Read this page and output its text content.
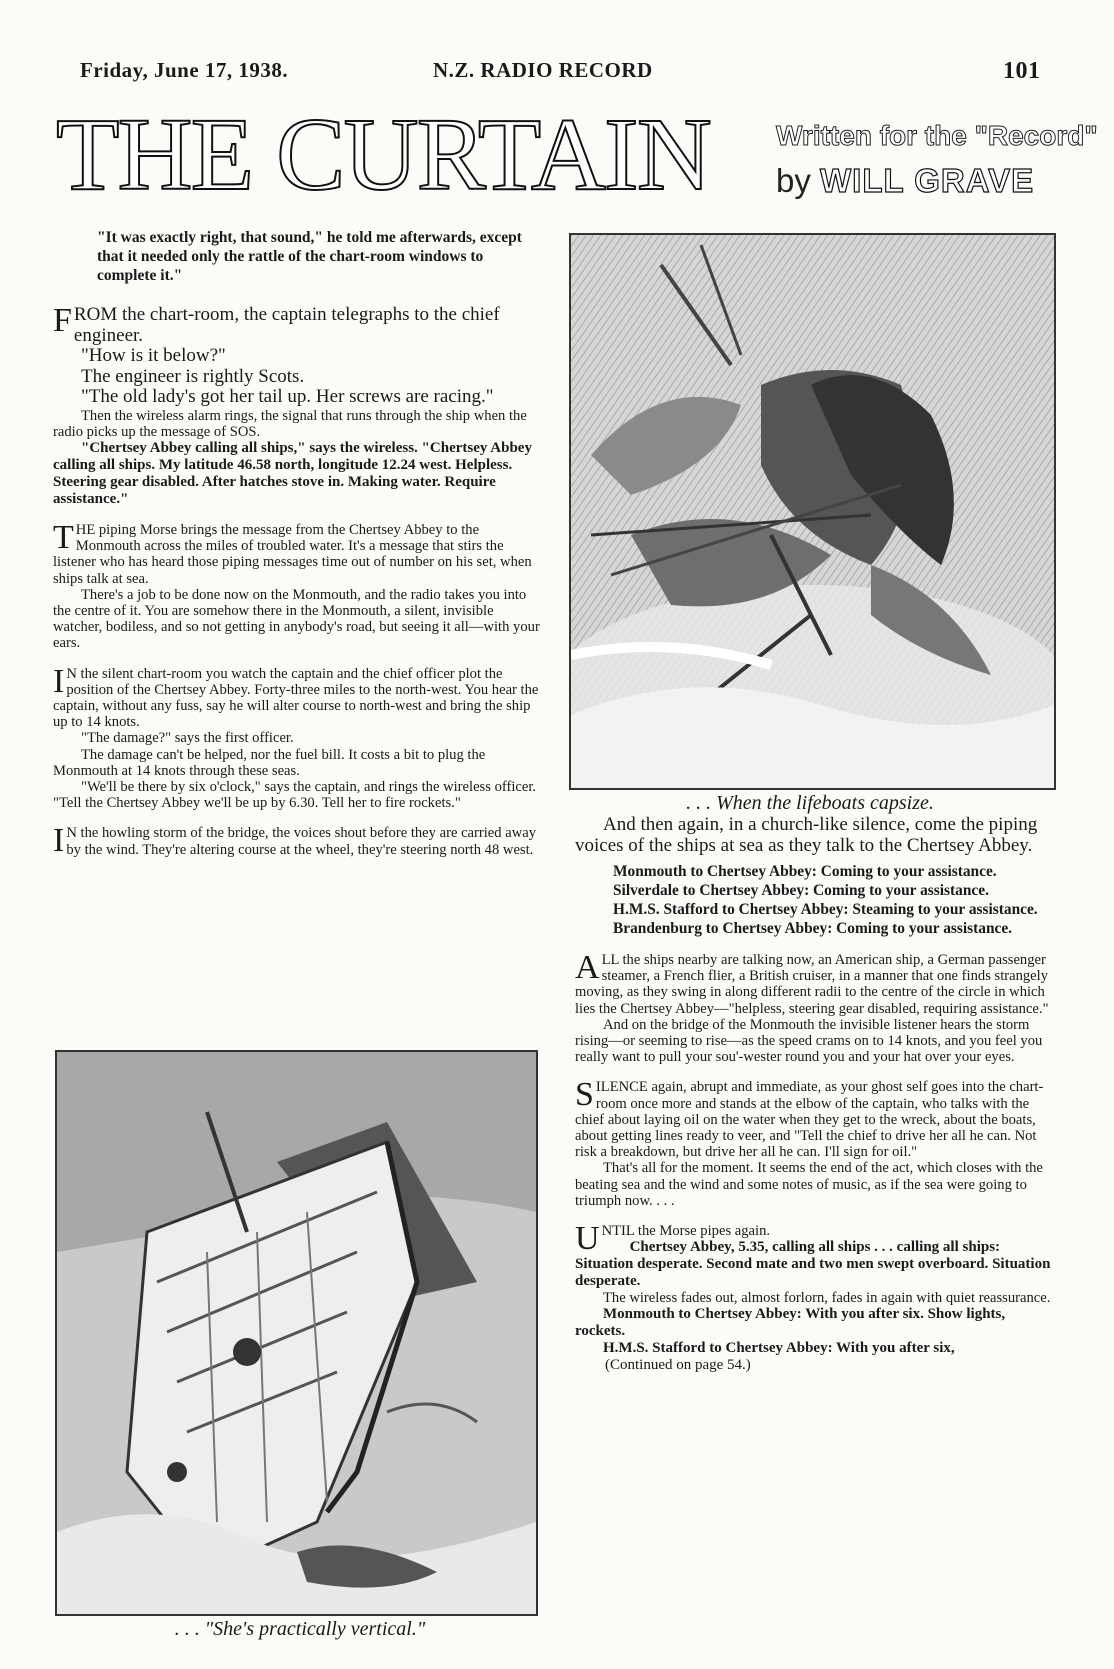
Friday, June 17, 1938.	N.Z. RADIO RECORD	101
THE CURTAIN	Written for the "Record"
by WILL GRAVE

"It was exactly right, that sound," he told me afterwards, except that it needed only the rattle of the chart-room windows to complete it."

FROM the chart-room, the captain telegraphs to the chief engineer.

"How is it below?"

The engineer is rightly Scots.

"The old lady's got her tail up. Her screws are racing."

Then the wireless alarm rings, the signal that runs through the ship when the radio picks up the message of SOS.

"Chertsey Abbey calling all ships," says the wireless. "Chertsey Abbey calling all ships. My latitude 46.58 north, longitude 12.24 west. Helpless. Steering gear disabled. After hatches stove in. Making water. Require assistance."

THE piping Morse brings the message from the Chertsey Abbey to the Monmouth across the miles of troubled water. It's a message that stirs the listener who has heard those piping messages time out of number on his set, when ships talk at sea.

There's a job to be done now on the Monmouth, and the radio takes you into the centre of it. You are somehow there in the Monmouth, a silent, invisible watcher, bodiless, and so not getting in anybody's road, but seeing it all—with your ears.

I N the silent chart-room you watch the captain and the chief officer plot the position of the Chertsey Abbey. Forty-three miles to the north-west. You hear the captain, without any fuss, say he will alter course to north-west and bring the ship up to 14 knots.

"The damage?" says the first officer.

The damage can't be helped, nor the fuel bill. It costs a bit to plug the Monmouth at 14 knots through these seas.

"We'll be there by six o'clock," says the captain, and rings the wireless officer. "Tell the Chertsey Abbey we'll be up by 6.30. Tell her to fire rockets."

I N the howling storm of the bridge, the voices shout before they are carried away by the wind. They're altering course at the wheel, they're steering north 48 west.

. . . When the lifeboats capsize.
. . . "She's practically vertical."

And then again, in a church-like silence, come the piping voices of the ships at sea as they talk to the Chertsey Abbey.

Monmouth to Chertsey Abbey: Coming to your assistance.

Silverdale to Chertsey Abbey: Coming to your assistance.

H.M.S. Stafford to Chertsey Abbey: Steaming to your assistance.

Brandenburg to Chertsey Abbey: Coming to your assistance.

ALL the ships nearby are talking now, an American ship, a German passenger steamer, a French flier, a British cruiser, in a manner that one finds strangely moving, as they swing in along different radii to the centre of the circle in which lies the Chertsey Abbey—"helpless, steering gear disabled, requiring assistance."

And on the bridge of the Monmouth the invisible listener hears the storm rising—or seeming to rise—as the speed crams on to 14 knots, and you feel you really want to pull your sou'-wester round you and your hat over your eyes.

SILENCE again, abrupt and immediate, as your ghost self goes into the chart-room once more and stands at the elbow of the captain, who talks with the chief about laying oil on the water when they get to the wreck, about the boats, about getting lines ready to veer, and "Tell the chief to drive her all he can. Not risk a breakdown, but drive her all he can. I'll sign for oil."

That's all for the moment. It seems the end of the act, which closes with the beating sea and the wind and some notes of music, as if the sea were going to triumph now. . . .

UNTIL the Morse pipes again.

Chertsey Abbey, 5.35, calling all ships . . . calling all ships: Situation desperate. Second mate and two men swept overboard. Situation desperate.

The wireless fades out, almost forlorn, fades in again with quiet reassurance.

Monmouth to Chertsey Abbey: With you after six. Show lights, rockets.

H.M.S. Stafford to Chertsey Abbey: With you after six, (Continued on page 54.)
